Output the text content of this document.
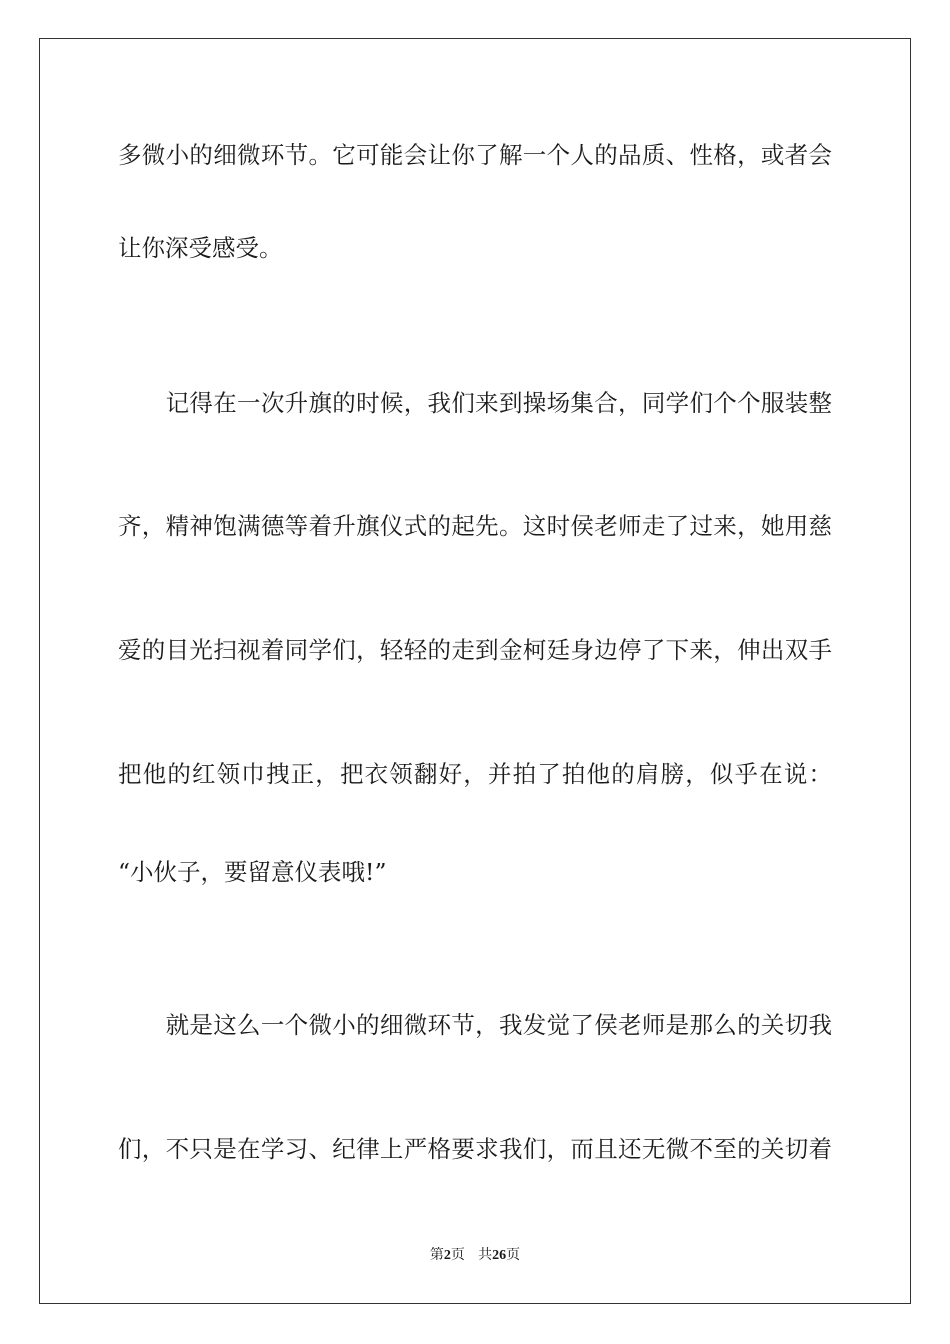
多微小的细微环节。它可能会让你了解一个人的品质、性格，或者会

让你深受感受。

　　记得在一次升旗的时候，我们来到操场集合，同学们个个服装整

齐，精神饱满德等着升旗仪式的起先。这时侯老师走了过来，她用慈

爱的目光扫视着同学们，轻轻的走到金柯廷身边停了下来，伸出双手

把他的红领巾拽正，把衣领翻好，并拍了拍他的肩膀，似乎在说：

“小伙子，要留意仪表哦!”

　　就是这么一个微小的细微环节，我发觉了侯老师是那么的关切我

们，不只是在学习、纪律上严格要求我们，而且还无微不至的关切着

第2页 共26页
